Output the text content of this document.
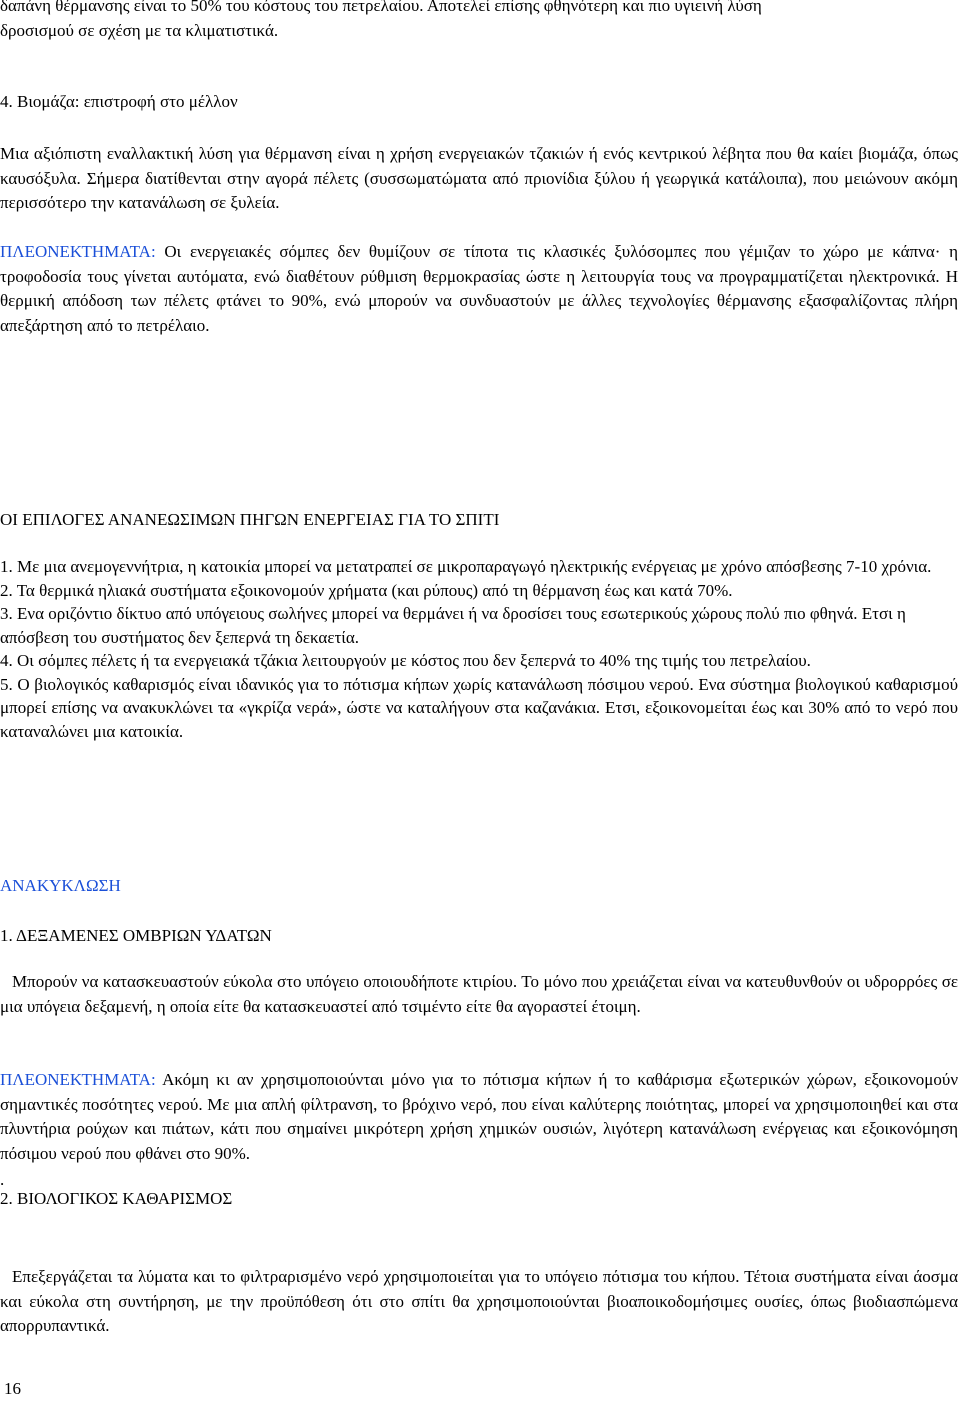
δαπάνη θέρμανσης είναι το 50% του κόστους του πετρελαίου. Αποτελεί επίσης φθηνότερη και πιο υγιεινή λύση
δροσισμού σε σχέση με τα κλιματιστικά.

4. Βιομάζα: επιστροφή στο μέλλον

Μια αξιόπιστη εναλλακτική λύση για θέρμανση είναι η χρήση ενεργειακών τζακιών ή ενός κεντρικού λέβητα που θα καίει βιομάζα, όπως καυσόξυλα. Σήμερα διατίθενται στην αγορά πέλετς (συσσωματώματα από πριονίδια ξύλου ή γεωργικά κατάλοιπα), που μειώνουν ακόμη περισσότερο την κατανάλωση σε ξυλεία.

ΠΛΕΟΝΕΚΤΗΜΑΤΑ: Οι ενεργειακές σόμπες δεν θυμίζουν σε τίποτα τις κλασικές ξυλόσομπες που γέμιζαν το χώρο με κάπνα· η τροφοδοσία τους γίνεται αυτόματα, ενώ διαθέτουν ρύθμιση θερμοκρασίας ώστε η λειτουργία τους να προγραμματίζεται ηλεκτρονικά. Η θερμική απόδοση των πέλετς φτάνει το 90%, ενώ μπορούν να συνδυαστούν με άλλες τεχνολογίες θέρμανσης εξασφαλίζοντας πλήρη απεξάρτηση από το πετρέλαιο.

ΟΙ ΕΠΙΛΟΓΕΣ ΑΝΑΝΕΩΣΙΜΩΝ ΠΗΓΩΝ ΕΝΕΡΓΕΙΑΣ ΓΙΑ ΤΟ ΣΠΙΤΙ

1. Με μια ανεμογεννήτρια, η κατοικία μπορεί να μετατραπεί σε μικροπαραγωγό ηλεκτρικής ενέργειας με χρόνο απόσβεσης 7-10 χρόνια.
2. Τα θερμικά ηλιακά συστήματα εξοικονομούν χρήματα (και ρύπους) από τη θέρμανση έως και κατά 70%.
3. Ενα οριζόντιο δίκτυο από υπόγειους σωλήνες μπορεί να θερμάνει ή να δροσίσει τους εσωτερικούς χώρους πολύ πιο φθηνά. Ετσι η απόσβεση του συστήματος δεν ξεπερνά τη δεκαετία.
4. Οι σόμπες πέλετς ή τα ενεργειακά τζάκια λειτουργούν με κόστος που δεν ξεπερνά το 40% της τιμής του πετρελαίου.
5. Ο βιολογικός καθαρισμός είναι ιδανικός για το πότισμα κήπων χωρίς κατανάλωση πόσιμου νερού. Ενα σύστημα βιολογικού καθαρισμού μπορεί επίσης να ανακυκλώνει τα «γκρίζα νερά», ώστε να καταλήγουν στα καζανάκια. Ετσι, εξοικονομείται έως και 30% από το νερό που καταναλώνει μια κατοικία.

ΑΝΑΚΥΚΛΩΣΗ

1. ΔΕΞΑΜΕΝΕΣ ΟΜΒΡΙΩΝ ΥΔΑΤΩΝ

Μπορούν να κατασκευαστούν εύκολα στο υπόγειο οποιουδήποτε κτιρίου. Το μόνο που χρειάζεται είναι να κατευθυνθούν οι υδρορρόες σε μια υπόγεια δεξαμενή, η οποία είτε θα κατασκευαστεί από τσιμέντο είτε θα αγοραστεί έτοιμη.

ΠΛΕΟΝΕΚΤΗΜΑΤΑ: Ακόμη κι αν χρησιμοποιούνται μόνο για το πότισμα κήπων ή το καθάρισμα εξωτερικών χώρων, εξοικονομούν σημαντικές ποσότητες νερού. Με μια απλή φίλτρανση, το βρόχινο νερό, που είναι καλύτερης ποιότητας, μπορεί να χρησιμοποιηθεί και στα πλυντήρια ρούχων και πιάτων, κάτι που σημαίνει μικρότερη χρήση χημικών ουσιών, λιγότερη κατανάλωση ενέργειας και εξοικονόμηση πόσιμου νερού που φθάνει στο 90%.

.

2. ΒΙΟΛΟΓΙΚΟΣ ΚΑΘΑΡΙΣΜΟΣ

Επεξεργάζεται τα λύματα και το φιλτραρισμένο νερό χρησιμοποιείται για το υπόγειο πότισμα του κήπου. Τέτοια συστήματα είναι άοσμα και εύκολα στη συντήρηση, με την προϋπόθεση ότι στο σπίτι θα χρησιμοποιούνται βιοαποικοδομήσιμες ουσίες, όπως βιοδιασπώμενα απορρυπαντικά.

16
